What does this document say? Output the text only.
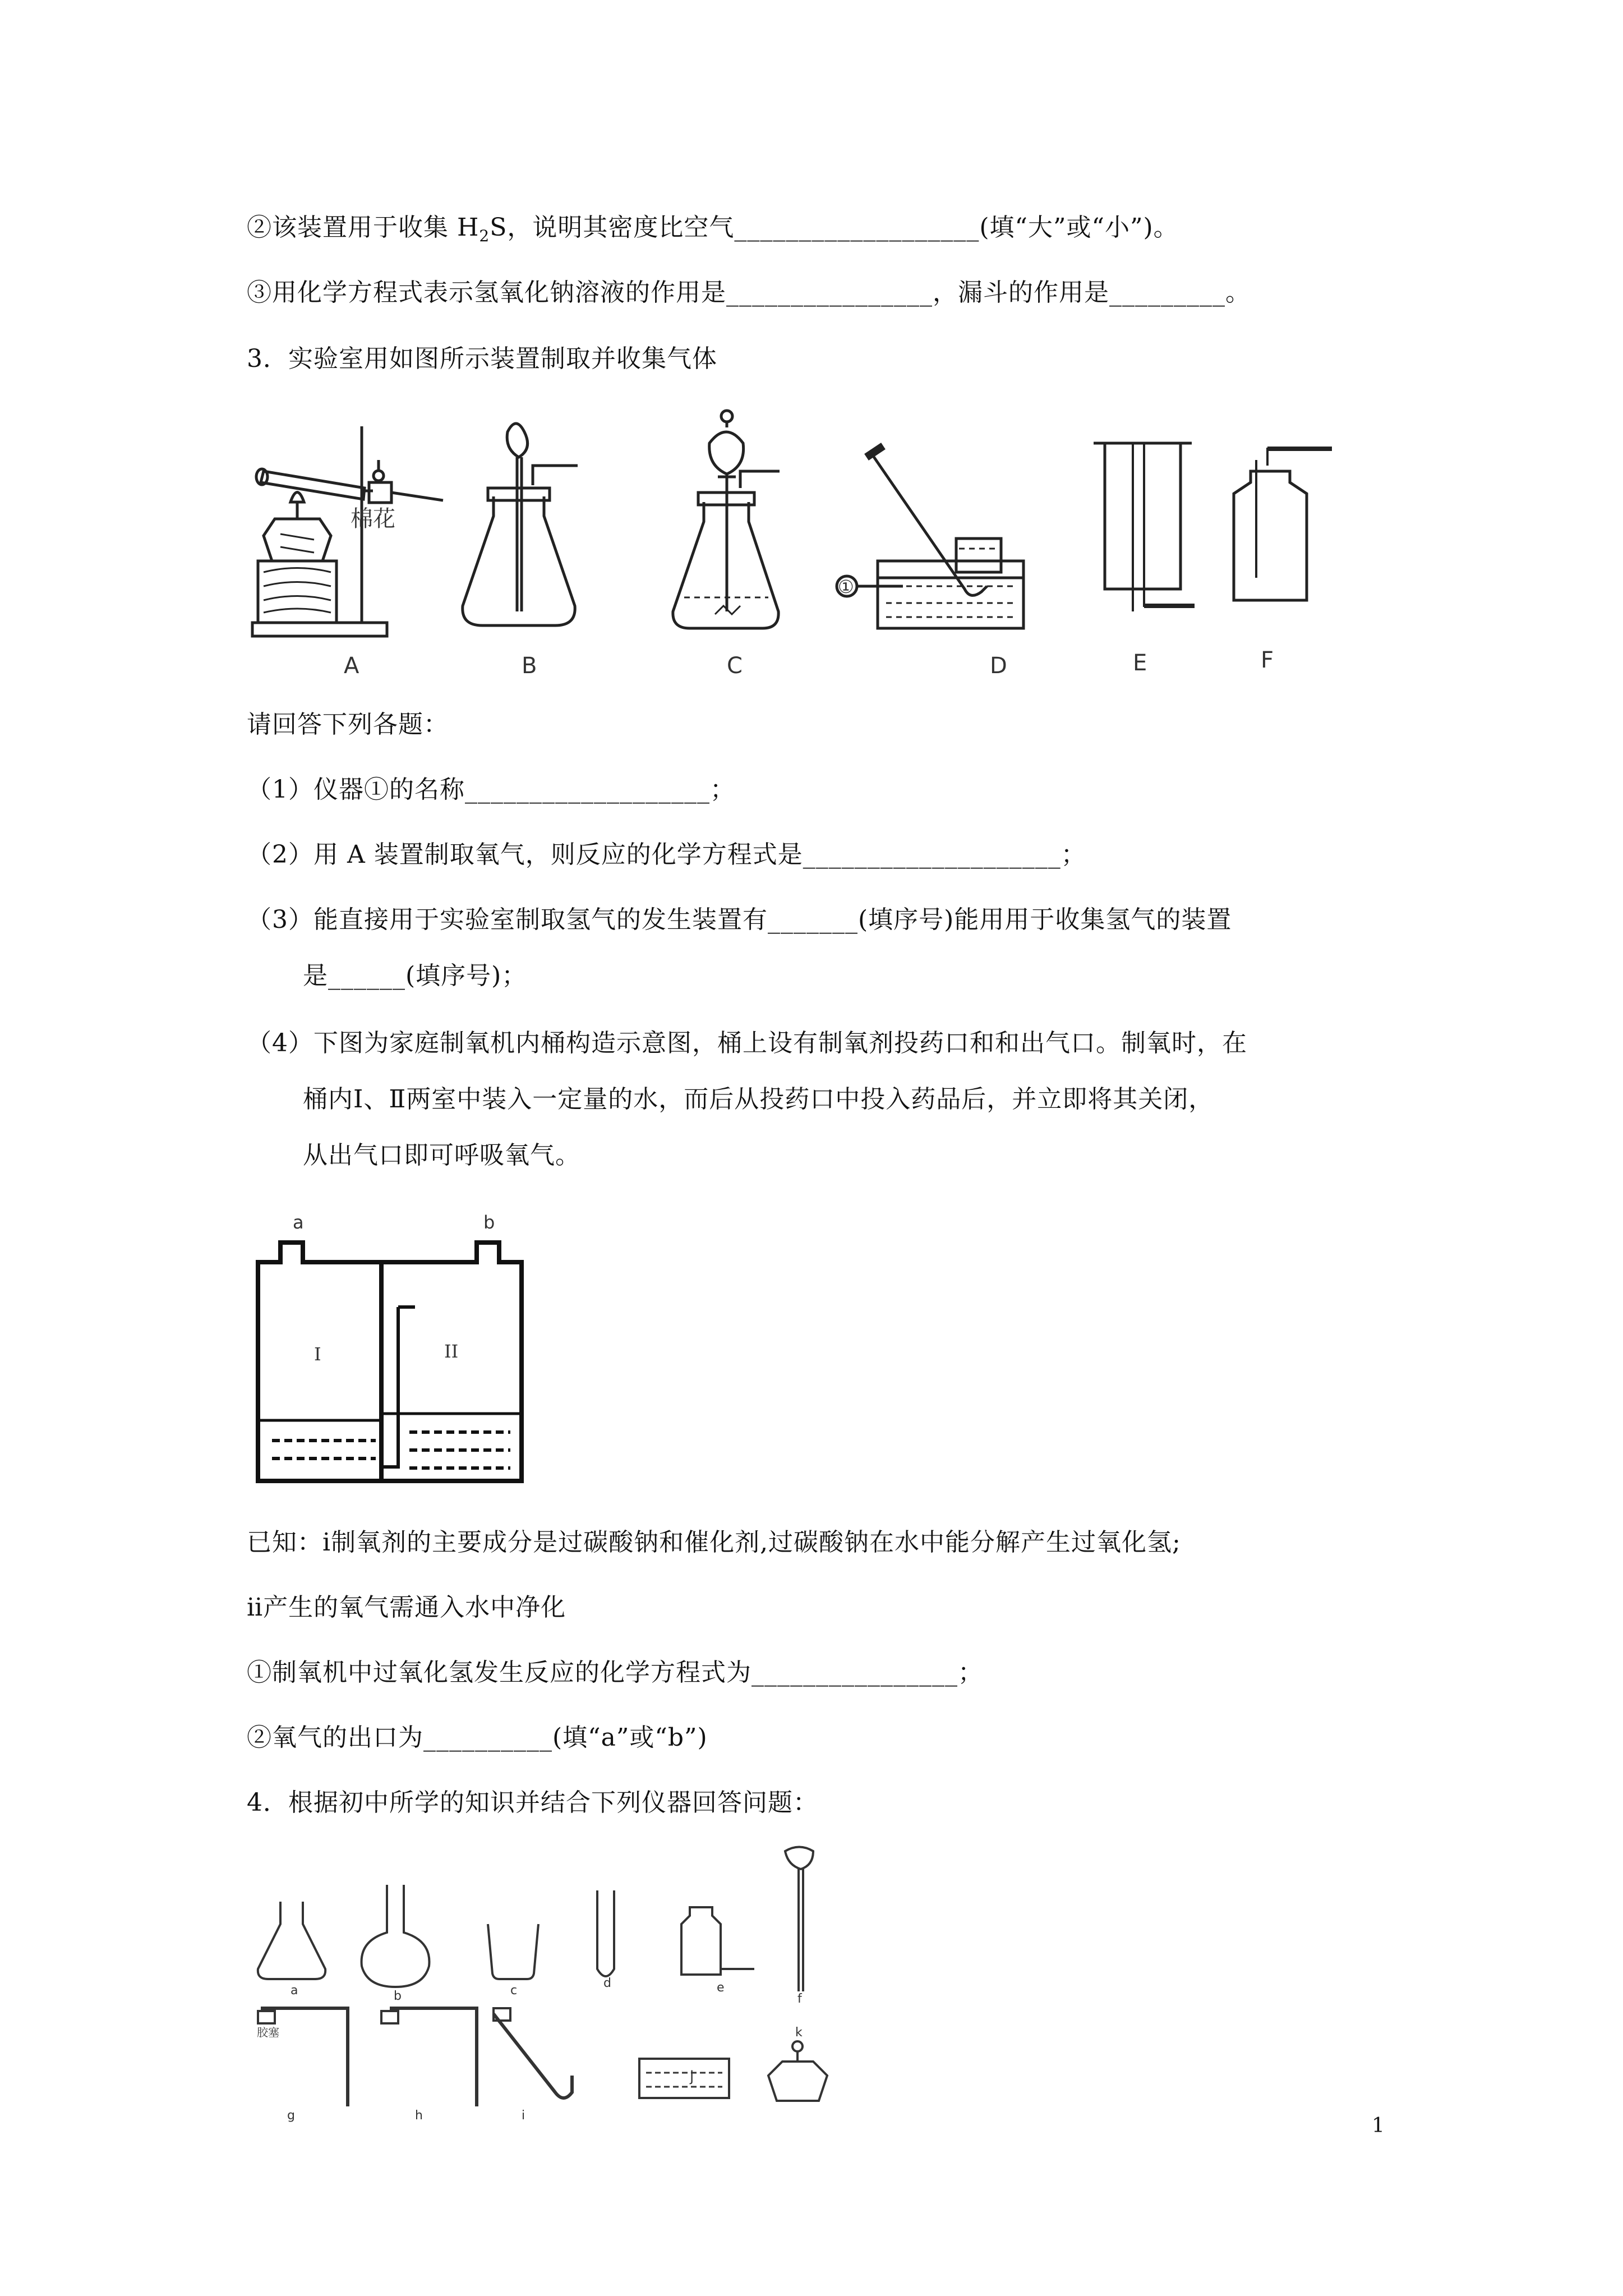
②该装置用于收集 $H_2S$，说明其密度比空气___________________(填“大”或“小”)。
③用化学方程式表示氢氧化钠溶液的作用是________________，漏斗的作用是_________。
3．实验室用如图所示装置制取并收集气体
棉花
①
A	B	C	D	E	F
请回答下列各题：
（1）仪器①的名称___________________；
（2）用 A 装置制取氧气，则反应的化学方程式是____________________；
（3）能直接用于实验室制取氢气的发生装置有_______(填序号)能用用于收集氢气的装置
是______(填序号)；
（4）下图为家庭制氧机内桶构造示意图，桶上设有制氧剂投药口和和出气口。制氧时，在
桶内Ⅰ、Ⅱ两室中装入一定量的水，而后从投药口中投入药品后，并立即将其关闭，
从出气口即可呼吸氧气。
a	b
I	II
已知：ⅰ制氧剂的主要成分是过碳酸钠和催化剂,过碳酸钠在水中能分解产生过氧化氢;
ⅱ产生的氧气需通入水中净化
①制氧机中过氧化氢发生反应的化学方程式为________________；
②氧气的出口为__________(填“a”或“b”)
4．根据初中所学的知识并结合下列仪器回答问题：
a	b	c
d	e
f
g	h	i
j
k
胶塞
1
